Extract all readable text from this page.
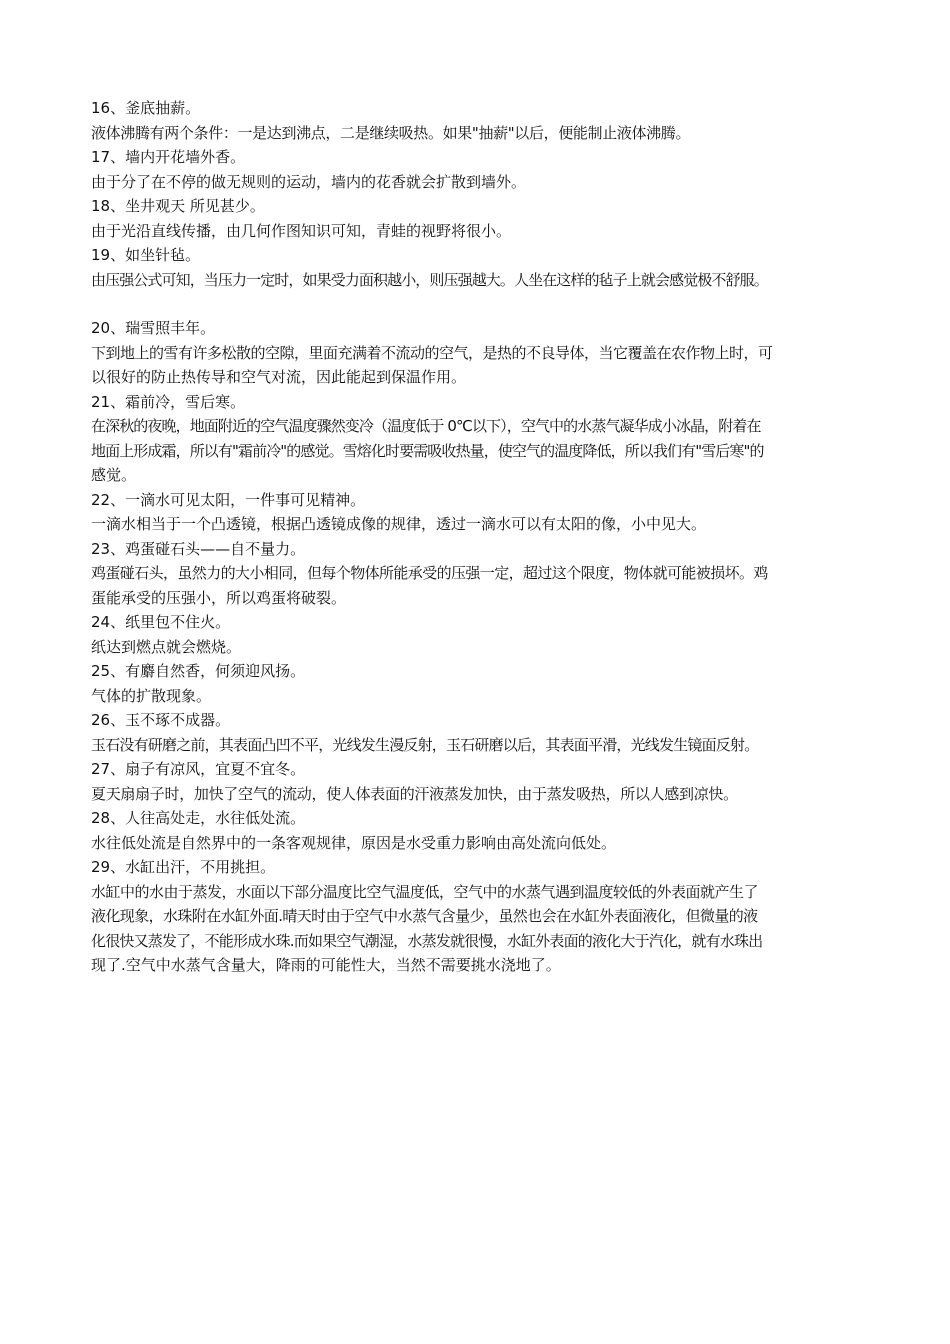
16、釜底抽薪。
液体沸腾有两个条件：一是达到沸点，二是继续吸热。如果"抽薪"以后，便能制止液体沸腾。
17、墙内开花墙外香。
由于分了在不停的做无规则的运动，墙内的花香就会扩散到墙外。
18、坐井观天 所见甚少。
由于光沿直线传播，由几何作图知识可知，青蛙的视野将很小。
19、如坐针毡。
由压强公式可知，当压力一定时，如果受力面积越小，则压强越大。人坐在这样的毡子上就会感觉极不舒服。
20、瑞雪照丰年。
下到地上的雪有许多松散的空隙，里面充满着不流动的空气，是热的不良导体，当它覆盖在农作物上时，可
以很好的防止热传导和空气对流，因此能起到保温作用。
21、霜前冷，雪后寒。
在深秋的夜晚，地面附近的空气温度骤然变冷（温度低于 0℃以下），空气中的水蒸气凝华成小冰晶，附着在
地面上形成霜，所以有"霜前冷"的感觉。雪熔化时要需吸收热量，使空气的温度降低，所以我们有"雪后寒"的
感觉。
22、一滴水可见太阳，一件事可见精神。
一滴水相当于一个凸透镜，根据凸透镜成像的规律，透过一滴水可以有太阳的像，小中见大。
23、鸡蛋碰石头——自不量力。
鸡蛋碰石头，虽然力的大小相同，但每个物体所能承受的压强一定，超过这个限度，物体就可能被损坏。鸡
蛋能承受的压强小，所以鸡蛋将破裂。
24、纸里包不住火。
纸达到燃点就会燃烧。
25、有麝自然香，何须迎风扬。
气体的扩散现象。
26、玉不琢不成器。
玉石没有研磨之前，其表面凸凹不平，光线发生漫反射，玉石研磨以后，其表面平滑，光线发生镜面反射。
27、扇子有凉风，宜夏不宜冬。
夏天扇扇子时，加快了空气的流动，使人体表面的汗液蒸发加快，由于蒸发吸热，所以人感到凉快。
28、人往高处走，水往低处流。
水往低处流是自然界中的一条客观规律，原因是水受重力影响由高处流向低处。
29、水缸出汗，不用挑担。
水缸中的水由于蒸发，水面以下部分温度比空气温度低，空气中的水蒸气遇到温度较低的外表面就产生了
液化现象，水珠附在水缸外面.晴天时由于空气中水蒸气含量少，虽然也会在水缸外表面液化，但微量的液
化很快又蒸发了，不能形成水珠.而如果空气潮湿，水蒸发就很慢，水缸外表面的液化大于汽化，就有水珠出
现了.空气中水蒸气含量大，降雨的可能性大，当然不需要挑水浇地了。
